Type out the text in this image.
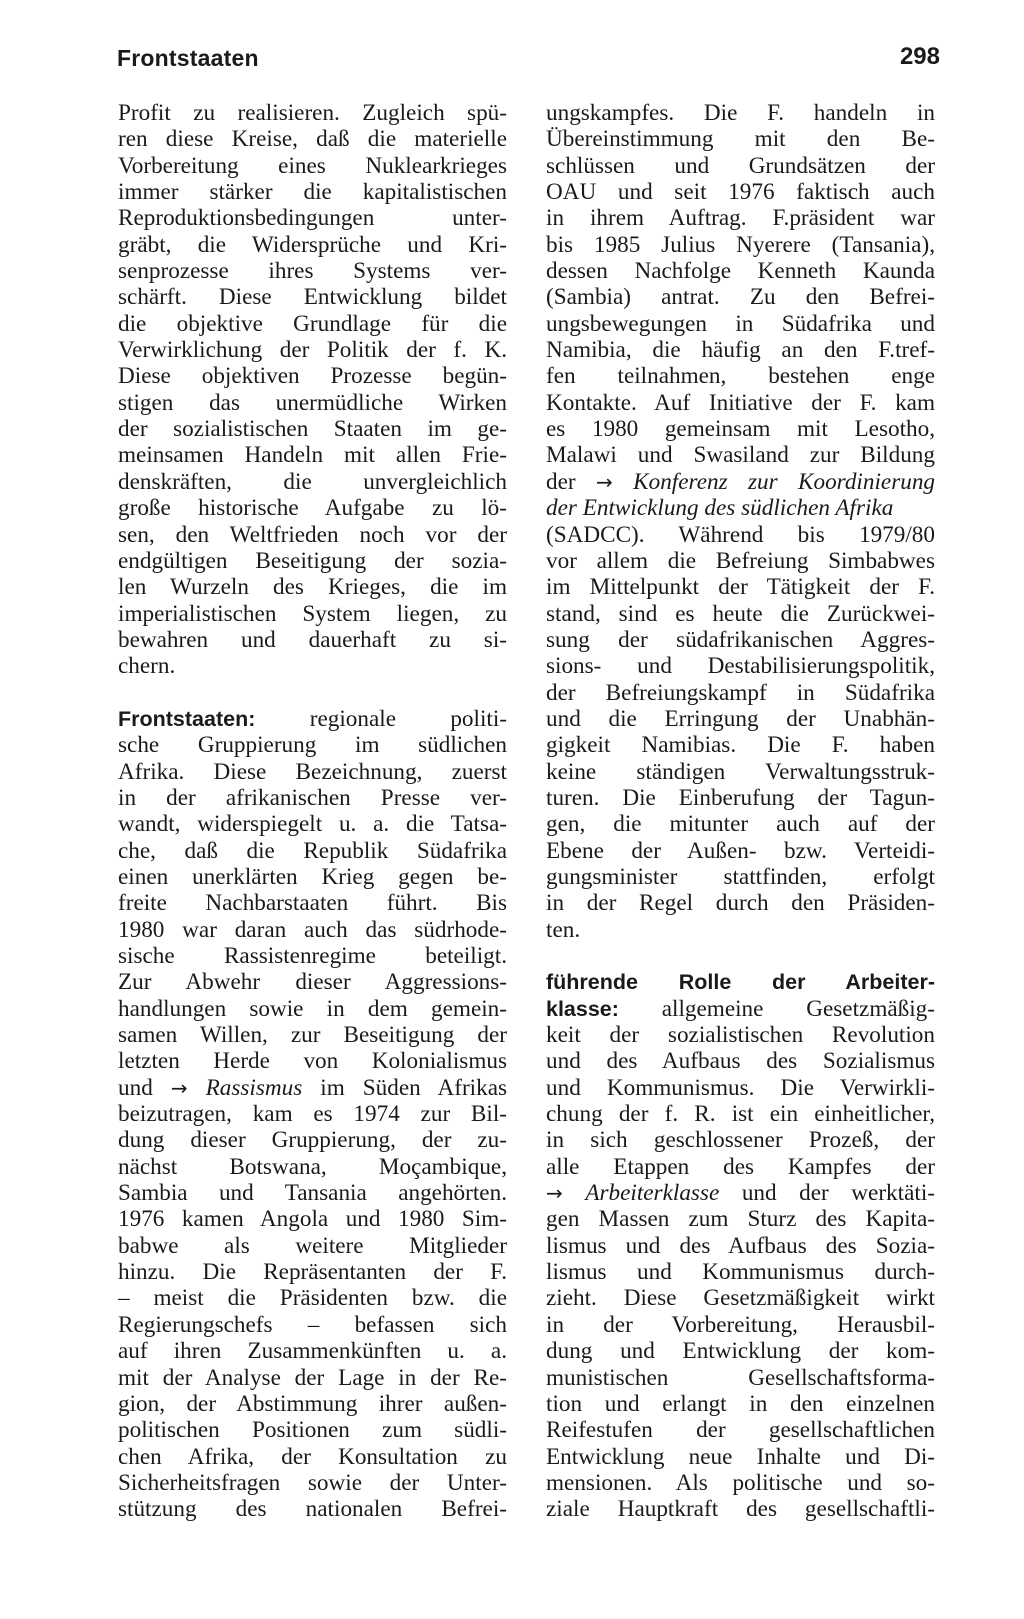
Frontstaaten	298
Profit zu realisieren. Zugleich spü-
ren diese Kreise, daß die materielle
Vorbereitung eines Nuklearkrieges
immer stärker die kapitalistischen
Reproduktionsbedingungen unter-
gräbt, die Widersprüche und Kri-
senprozesse ihres Systems ver-
schärft. Diese Entwicklung bildet
die objektive Grundlage für die
Verwirklichung der Politik der f. K.
Diese objektiven Prozesse begün-
stigen das unermüdliche Wirken
der sozialistischen Staaten im ge-
meinsamen Handeln mit allen Frie-
denskräften, die unvergleichlich
große historische Aufgabe zu lö-
sen, den Weltfrieden noch vor der
endgültigen Beseitigung der sozia-
len Wurzeln des Krieges, die im
imperialistischen System liegen, zu
bewahren und dauerhaft zu si-
chern.
Frontstaaten: regionale politi-
sche Gruppierung im südlichen
Afrika. Diese Bezeichnung, zuerst
in der afrikanischen Presse ver-
wandt, widerspiegelt u. a. die Tatsa-
che, daß die Republik Südafrika
einen unerklärten Krieg gegen be-
freite Nachbarstaaten führt. Bis
1980 war daran auch das südrhode-
sische Rassistenregime beteiligt.
Zur Abwehr dieser Aggressions-
handlungen sowie in dem gemein-
samen Willen, zur Beseitigung der
letzten Herde von Kolonialismus
und → Rassismus im Süden Afrikas
beizutragen, kam es 1974 zur Bil-
dung dieser Gruppierung, der zu-
nächst Botswana, Moçambique,
Sambia und Tansania angehörten.
1976 kamen Angola und 1980 Sim-
babwe als weitere Mitglieder
hinzu. Die Repräsentanten der F.
– meist die Präsidenten bzw. die
Regierungschefs – befassen sich
auf ihren Zusammenkünften u. a.
mit der Analyse der Lage in der Re-
gion, der Abstimmung ihrer außen-
politischen Positionen zum südli-
chen Afrika, der Konsultation zu
Sicherheitsfragen sowie der Unter-
stützung des nationalen Befrei-
ungskampfes. Die F. handeln in
Übereinstimmung mit den Be-
schlüssen und Grundsätzen der
OAU und seit 1976 faktisch auch
in ihrem Auftrag. F.präsident war
bis 1985 Julius Nyerere (Tansania),
dessen Nachfolge Kenneth Kaunda
(Sambia) antrat. Zu den Befrei-
ungsbewegungen in Südafrika und
Namibia, die häufig an den F.tref-
fen teilnahmen, bestehen enge
Kontakte. Auf Initiative der F. kam
es 1980 gemeinsam mit Lesotho,
Malawi und Swasiland zur Bildung
der → Konferenz zur Koordinierung
der Entwicklung des südlichen Afrika
(SADCC). Während bis 1979/80
vor allem die Befreiung Simbabwes
im Mittelpunkt der Tätigkeit der F.
stand, sind es heute die Zurückwei-
sung der südafrikanischen Aggres-
sions- und Destabilisierungspolitik,
der Befreiungskampf in Südafrika
und die Erringung der Unabhän-
gigkeit Namibias. Die F. haben
keine ständigen Verwaltungsstruk-
turen. Die Einberufung der Tagun-
gen, die mitunter auch auf der
Ebene der Außen- bzw. Verteidi-
gungsminister stattfinden, erfolgt
in der Regel durch den Präsiden-
ten.
führende Rolle der Arbeiter-
klasse: allgemeine Gesetzmäßig-
keit der sozialistischen Revolution
und des Aufbaus des Sozialismus
und Kommunismus. Die Verwirkli-
chung der f. R. ist ein einheitlicher,
in sich geschlossener Prozeß, der
alle Etappen des Kampfes der
→ Arbeiterklasse und der werktäti-
gen Massen zum Sturz des Kapita-
lismus und des Aufbaus des Sozia-
lismus und Kommunismus durch-
zieht. Diese Gesetzmäßigkeit wirkt
in der Vorbereitung, Herausbil-
dung und Entwicklung der kom-
munistischen Gesellschaftsforma-
tion und erlangt in den einzelnen
Reifestufen der gesellschaftlichen
Entwicklung neue Inhalte und Di-
mensionen. Als politische und so-
ziale Hauptkraft des gesellschaftli-
